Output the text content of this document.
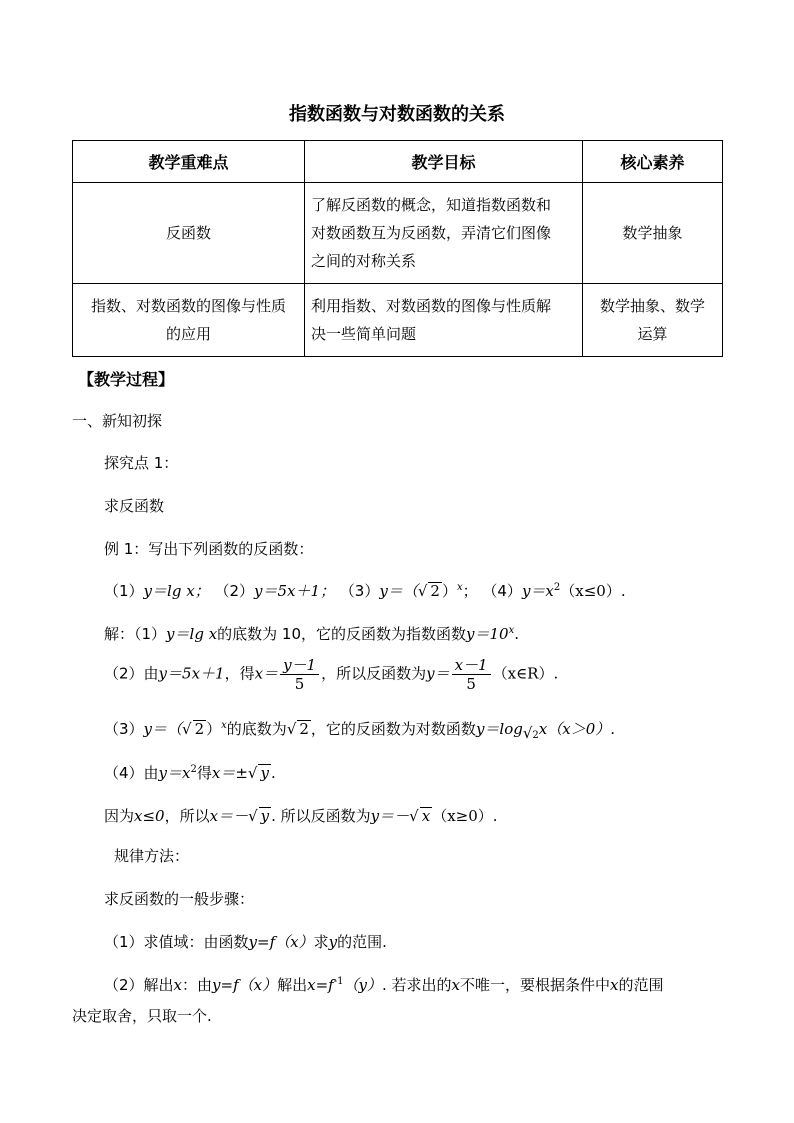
指数函数与对数函数的关系
教学重难点	教学目标	核心素养

反函数	了解反函数的概念，知道指数函数和
对数函数互为反函数，弄清它们图像
之间的对称关系	数学抽象

指数、对数函数的图像与性质
的应用	利用指数、对数函数的图像与性质解
决一些简单问题	数学抽象、数学
运算
【教学过程】
一、新知初探
探究点 1：
求反函数
例 1：写出下列函数的反函数：
（1）y＝lg x； （2）y＝5x＋1； （3）y＝（√ 2 ）$^x$； $(4)y=x^2(x\le 0)$.
解：（1）y＝lg x的底数为 10，它的反函数为指数函数$y=10^x$.
（2）由y＝5x＋1，得$x= \frac{y-1}{5}$ ，所以反函数为$y= \frac{x-1}{5}$ （x∈R）.
（3）y＝（√ 2 ）$^x$的底数为√ 2 ，它的反函数为对数函数$y=\log_{√2}x(x>0)$.
（4）由$y=x^2$得x＝±√ y .
因为x≤0，所以x＝－√ y . 所以反函数为y＝－√ x （x≥0）.
规律方法：
求反函数的一般步骤：
（1）求值域：由函数y=f（x）求y的范围.
（2）解出x：由y=f（x）解出$x=f^{-1}(y)$. 若求出的x不唯一，要根据条件中x的范围
决定取舍，只取一个.
